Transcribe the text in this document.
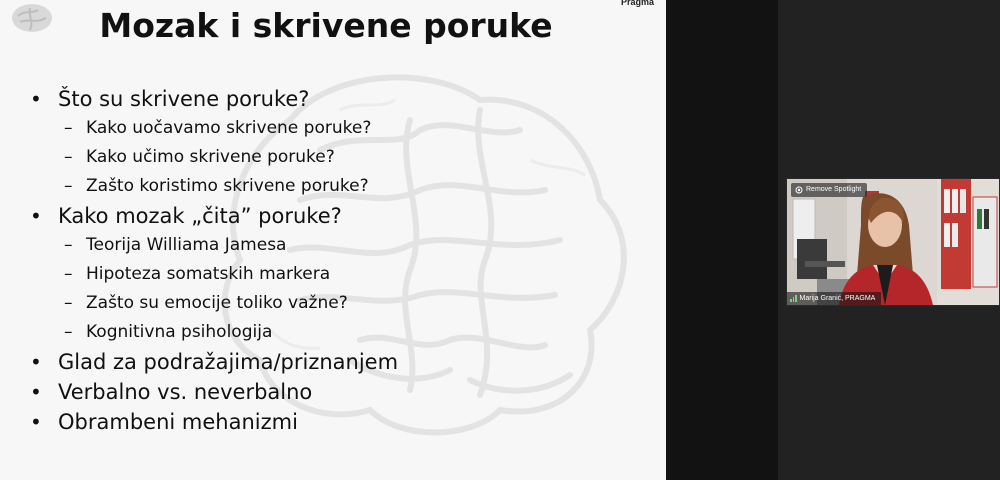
Pragma
Mozak i skrivene poruke
• Što su skrivene poruke?
– Kako uočavamo skrivene poruke?
– Kako učimo skrivene poruke?
– Zašto koristimo skrivene poruke?
• Kako mozak „čita” poruke?
– Teorija Williama Jamesa
– Hipoteza somatskih markera
– Zašto su emocije toliko važne?
– Kognitivna psihologija
• Glad za podražajima/priznanjem
• Verbalno vs. neverbalno
• Obrambeni mehanizmi
Remove Spotlight
Marija Granić, PRAGMA
